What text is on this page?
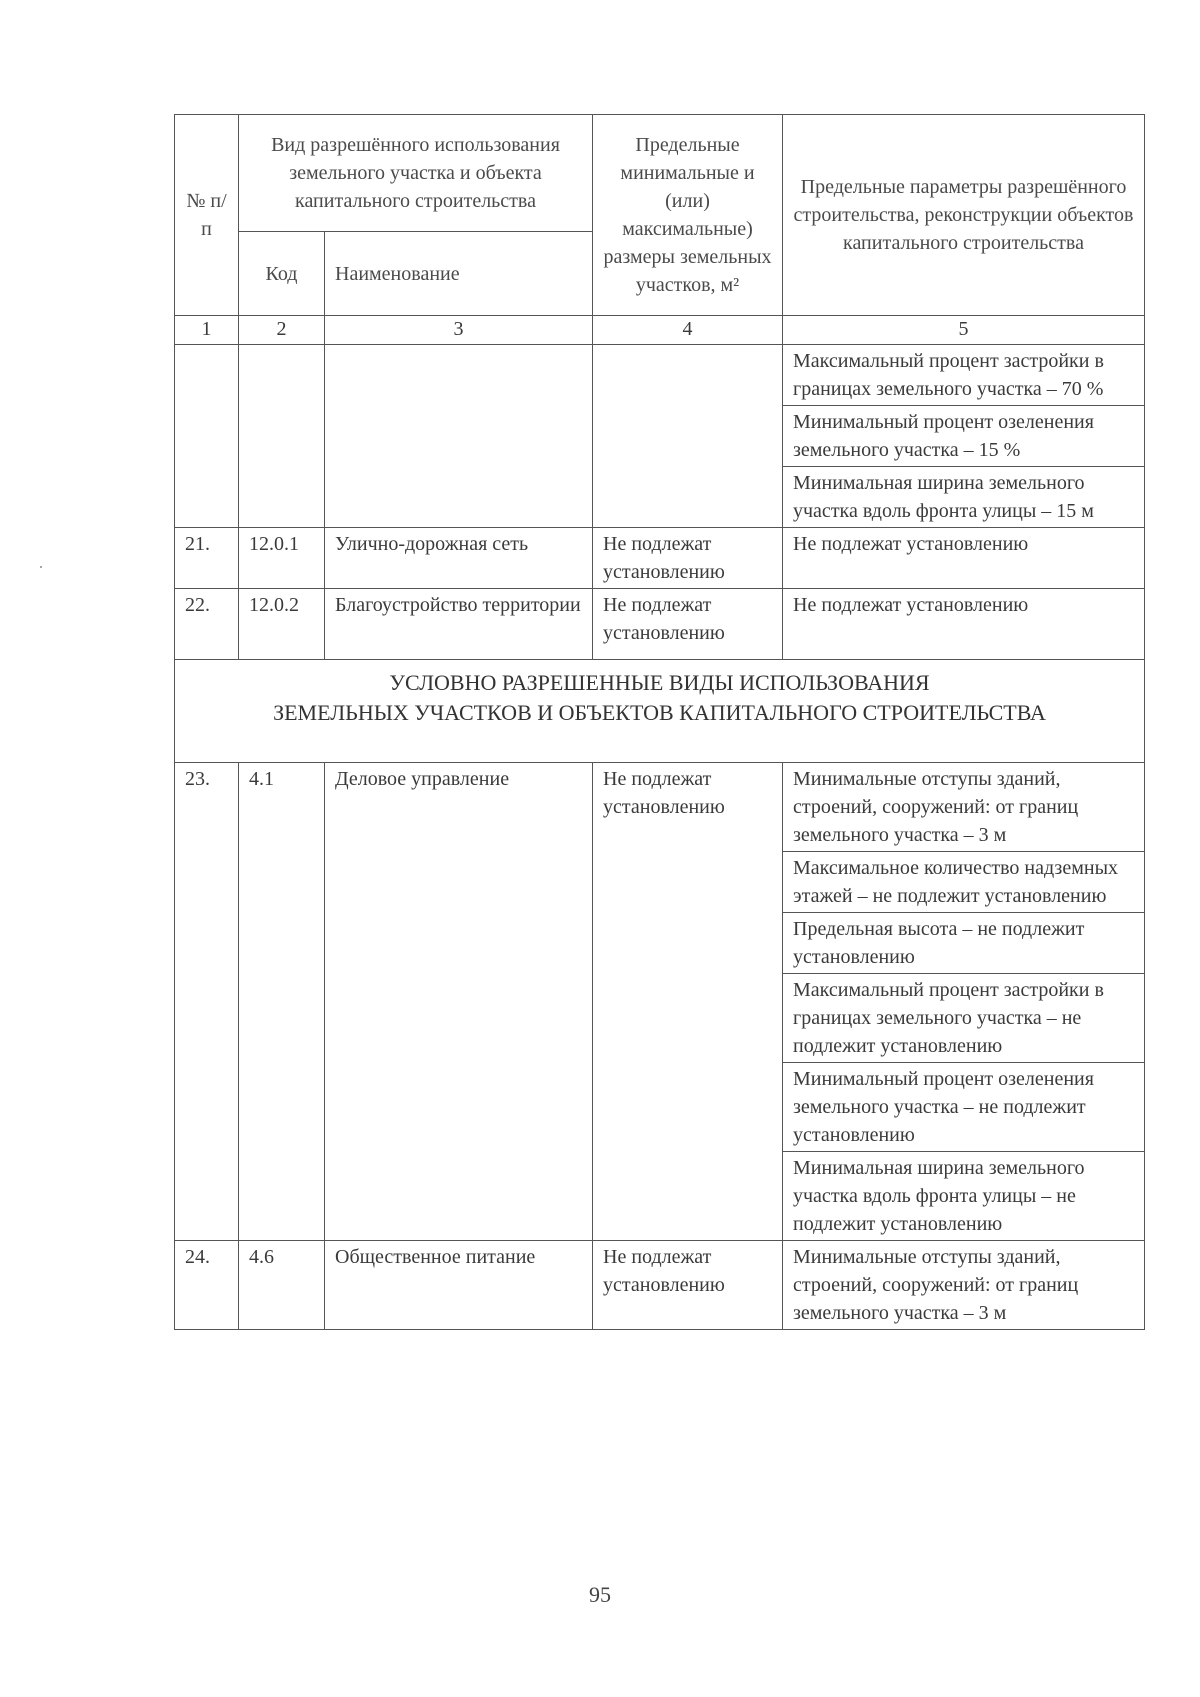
№ п/п	Вид разрешённого использования земельного участка и объекта капитального строительства		Предельные минимальные и (или) максимальные) размеры земельных участков, м²	Предельные параметры разрешённого строительства, реконструкции объектов капитального строительства
	Код	Наименование		
1	2	3	4	5
				Максимальный процент застройки в границах земельного участка – 70 %
				Минимальный процент озеленения земельного участка – 15 %
				Минимальная ширина земельного участка вдоль фронта улицы – 15 м
21.	12.0.1	Улично-дорожная сеть	Не подлежат установлению	Не подлежат установлению
22.	12.0.2	Благоустройство территории	Не подлежат установлению	Не подлежат установлению

УСЛОВНО РАЗРЕШЕННЫЕ ВИДЫ ИСПОЛЬЗОВАНИЯ
ЗЕМЕЛЬНЫХ УЧАСТКОВ И ОБЪЕКТОВ КАПИТАЛЬНОГО СТРОИТЕЛЬСТВА				

23.	4.1	Деловое управление	Не подлежат установлению	Минимальные отступы зданий, строений, сооружений: от границ земельного участка – 3 м
				Максимальное количество надземных этажей – не подлежит установлению
				Предельная высота – не подлежит установлению
				Максимальный процент застройки в границах земельного участка – не подлежит установлению
				Минимальный процент озеленения земельного участка – не подлежит установлению
				Минимальная ширина земельного участка вдоль фронта улицы – не подлежит установлению
24.	4.6	Общественное питание	Не подлежат установлению	Минимальные отступы зданий, строений, сооружений: от границ земельного участка – 3 м
95
